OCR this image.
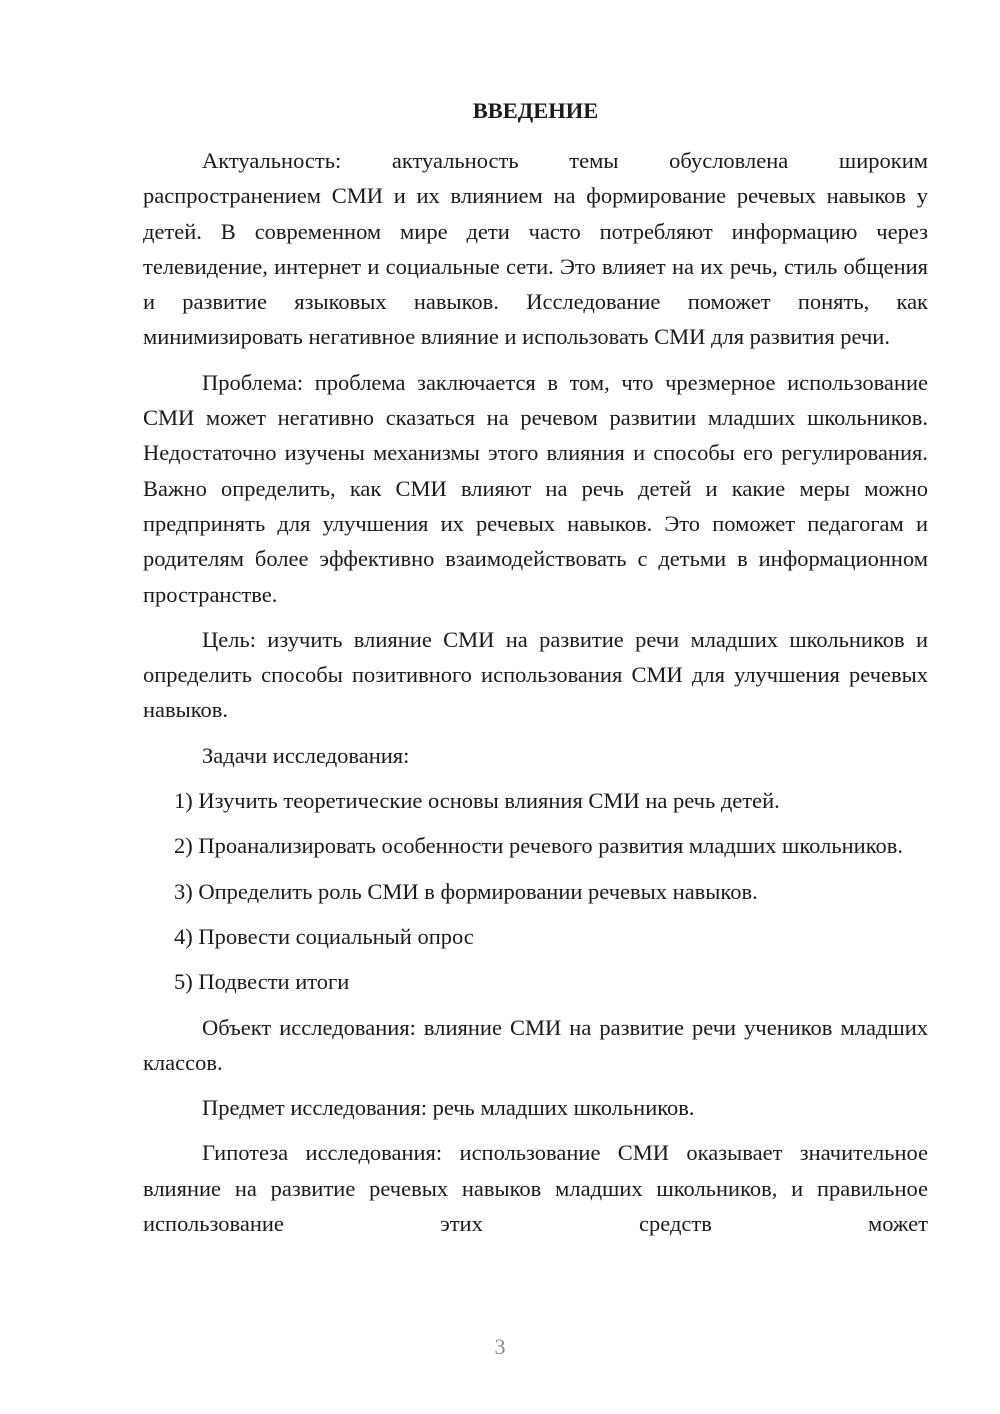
ВВЕДЕНИЕ

Актуальность: актуальность темы обусловлена широким распространением СМИ и их влиянием на формирование речевых навыков у детей. В современном мире дети часто потребляют информацию через телевидение, интернет и социальные сети. Это влияет на их речь, стиль общения и развитие языковых навыков. Исследование поможет понять, как минимизировать негативное влияние и использовать СМИ для развития речи.

Проблема: проблема заключается в том, что чрезмерное использование СМИ может негативно сказаться на речевом развитии младших школьников. Недостаточно изучены механизмы этого влияния и способы его регулирования. Важно определить, как СМИ влияют на речь детей и какие меры можно предпринять для улучшения их речевых навыков. Это поможет педагогам и родителям более эффективно взаимодействовать с детьми в информационном пространстве.

Цель: изучить влияние СМИ на развитие речи младших школьников и определить способы позитивного использования СМИ для улучшения речевых навыков.

Задачи исследования:

1) Изучить теоретические основы влияния СМИ на речь детей.

2) Проанализировать особенности речевого развития младших школьников.

3) Определить роль СМИ в формировании речевых навыков.

4) Провести социальный опрос

5) Подвести итоги

Объект исследования: влияние СМИ на развитие речи учеников младших классов.

Предмет исследования: речь младших школьников.

Гипотеза исследования: использование СМИ оказывает значительное влияние на развитие речевых навыков младших школьников, и правильное использование этих средств может

3
